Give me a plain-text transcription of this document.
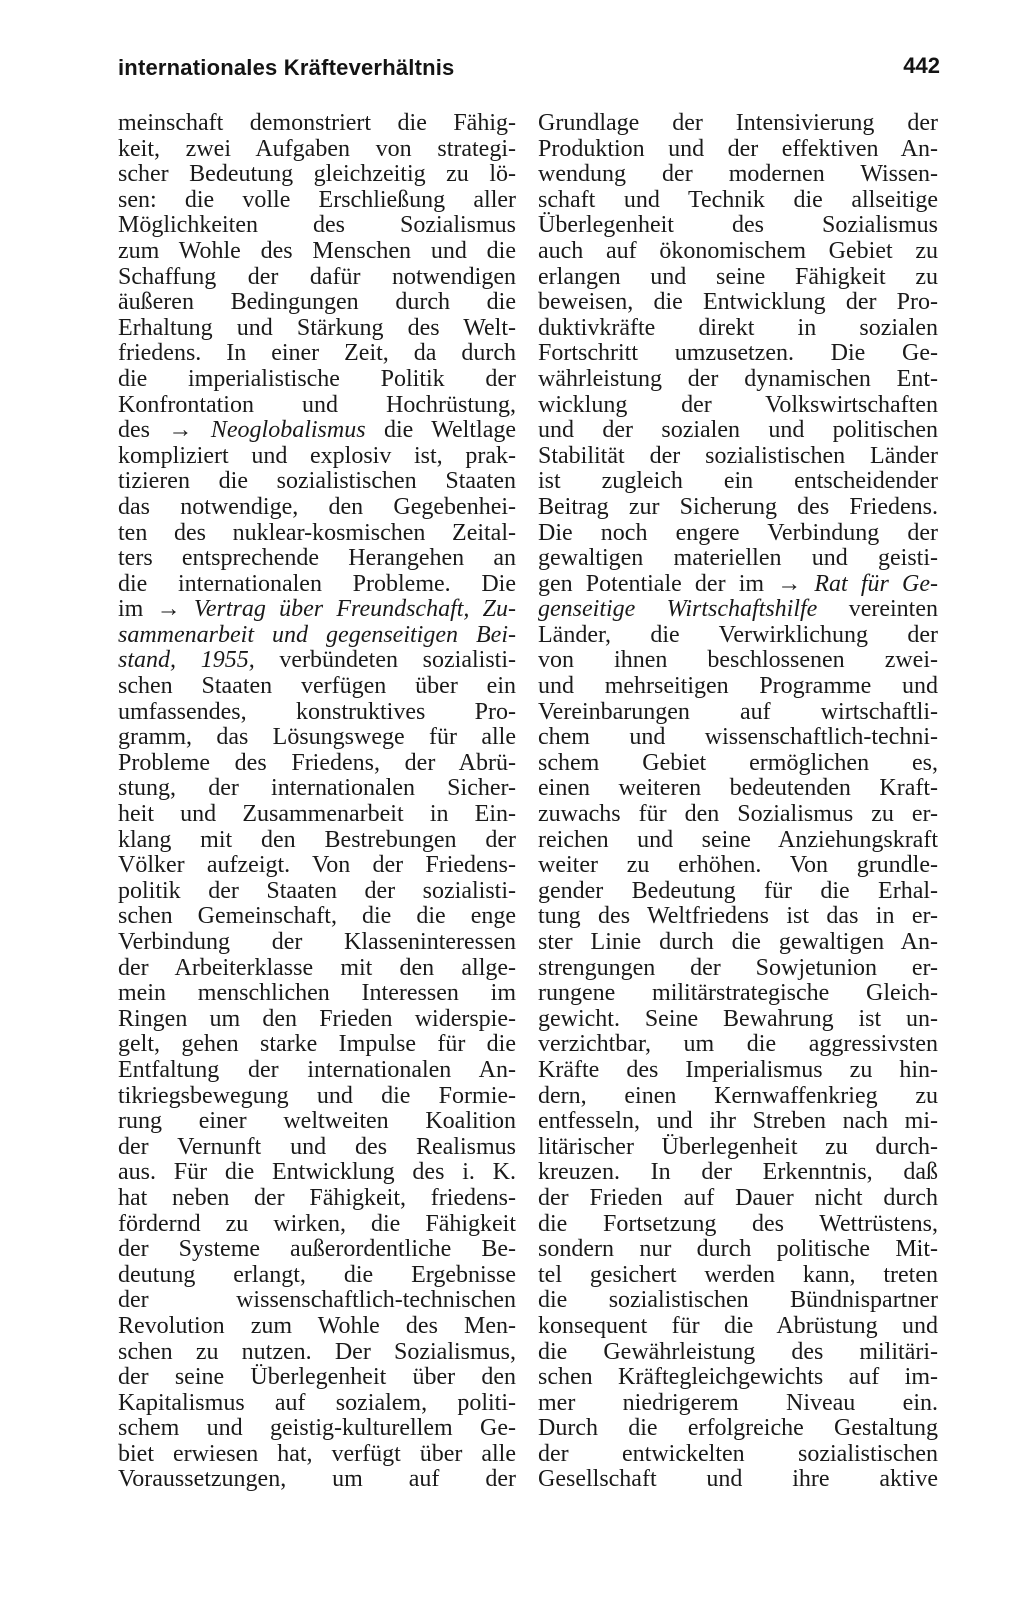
internationales Kräfteverhältnis	442
meinschaft demonstriert die Fähig-
keit, zwei Aufgaben von strategi-
scher Bedeutung gleichzeitig zu lö-
sen: die volle Erschließung aller
Möglichkeiten des Sozialismus
zum Wohle des Menschen und die
Schaffung der dafür notwendigen
äußeren Bedingungen durch die
Erhaltung und Stärkung des Welt-
friedens. In einer Zeit, da durch
die imperialistische Politik der
Konfrontation und Hochrüstung,
des → Neoglobalismus die Weltlage
kompliziert und explosiv ist, prak-
tizieren die sozialistischen Staaten
das notwendige, den Gegebenhei-
ten des nuklear-kosmischen Zeital-
ters entsprechende Herangehen an
die internationalen Probleme. Die
im → Vertrag über Freundschaft, Zu-
sammenarbeit und gegenseitigen Bei-
stand, 1955, verbündeten sozialisti-
schen Staaten verfügen über ein
umfassendes, konstruktives Pro-
gramm, das Lösungswege für alle
Probleme des Friedens, der Abrü-
stung, der internationalen Sicher-
heit und Zusammenarbeit in Ein-
klang mit den Bestrebungen der
Völker aufzeigt. Von der Friedens-
politik der Staaten der sozialisti-
schen Gemeinschaft, die die enge
Verbindung der Klasseninteressen
der Arbeiterklasse mit den allge-
mein menschlichen Interessen im
Ringen um den Frieden widerspie-
gelt, gehen starke Impulse für die
Entfaltung der internationalen An-
tikriegsbewegung und die Formie-
rung einer weltweiten Koalition
der Vernunft und des Realismus
aus. Für die Entwicklung des i. K.
hat neben der Fähigkeit, friedens-
fördernd zu wirken, die Fähigkeit
der Systeme außerordentliche Be-
deutung erlangt, die Ergebnisse
der wissenschaftlich-technischen
Revolution zum Wohle des Men-
schen zu nutzen. Der Sozialismus,
der seine Überlegenheit über den
Kapitalismus auf sozialem, politi-
schem und geistig-kulturellem Ge-
biet erwiesen hat, verfügt über alle
Voraussetzungen, um auf der
Grundlage der Intensivierung der
Produktion und der effektiven An-
wendung der modernen Wissen-
schaft und Technik die allseitige
Überlegenheit des Sozialismus
auch auf ökonomischem Gebiet zu
erlangen und seine Fähigkeit zu
beweisen, die Entwicklung der Pro-
duktivkräfte direkt in sozialen
Fortschritt umzusetzen. Die Ge-
währleistung der dynamischen Ent-
wicklung der Volkswirtschaften
und der sozialen und politischen
Stabilität der sozialistischen Länder
ist zugleich ein entscheidender
Beitrag zur Sicherung des Friedens.
Die noch engere Verbindung der
gewaltigen materiellen und geisti-
gen Potentiale der im → Rat für Ge-
genseitige Wirtschaftshilfe vereinten
Länder, die Verwirklichung der
von ihnen beschlossenen zwei-
und mehrseitigen Programme und
Vereinbarungen auf wirtschaftli-
chem und wissenschaftlich-techni-
schem Gebiet ermöglichen es,
einen weiteren bedeutenden Kraft-
zuwachs für den Sozialismus zu er-
reichen und seine Anziehungskraft
weiter zu erhöhen. Von grundle-
gender Bedeutung für die Erhal-
tung des Weltfriedens ist das in er-
ster Linie durch die gewaltigen An-
strengungen der Sowjetunion er-
rungene militärstrategische Gleich-
gewicht. Seine Bewahrung ist un-
verzichtbar, um die aggressivsten
Kräfte des Imperialismus zu hin-
dern, einen Kernwaffenkrieg zu
entfesseln, und ihr Streben nach mi-
litärischer Überlegenheit zu durch-
kreuzen. In der Erkenntnis, daß
der Frieden auf Dauer nicht durch
die Fortsetzung des Wettrüstens,
sondern nur durch politische Mit-
tel gesichert werden kann, treten
die sozialistischen Bündnispartner
konsequent für die Abrüstung und
die Gewährleistung des militäri-
schen Kräftegleichgewichts auf im-
mer niedrigerem Niveau ein.
Durch die erfolgreiche Gestaltung
der entwickelten sozialistischen
Gesellschaft und ihre aktive
